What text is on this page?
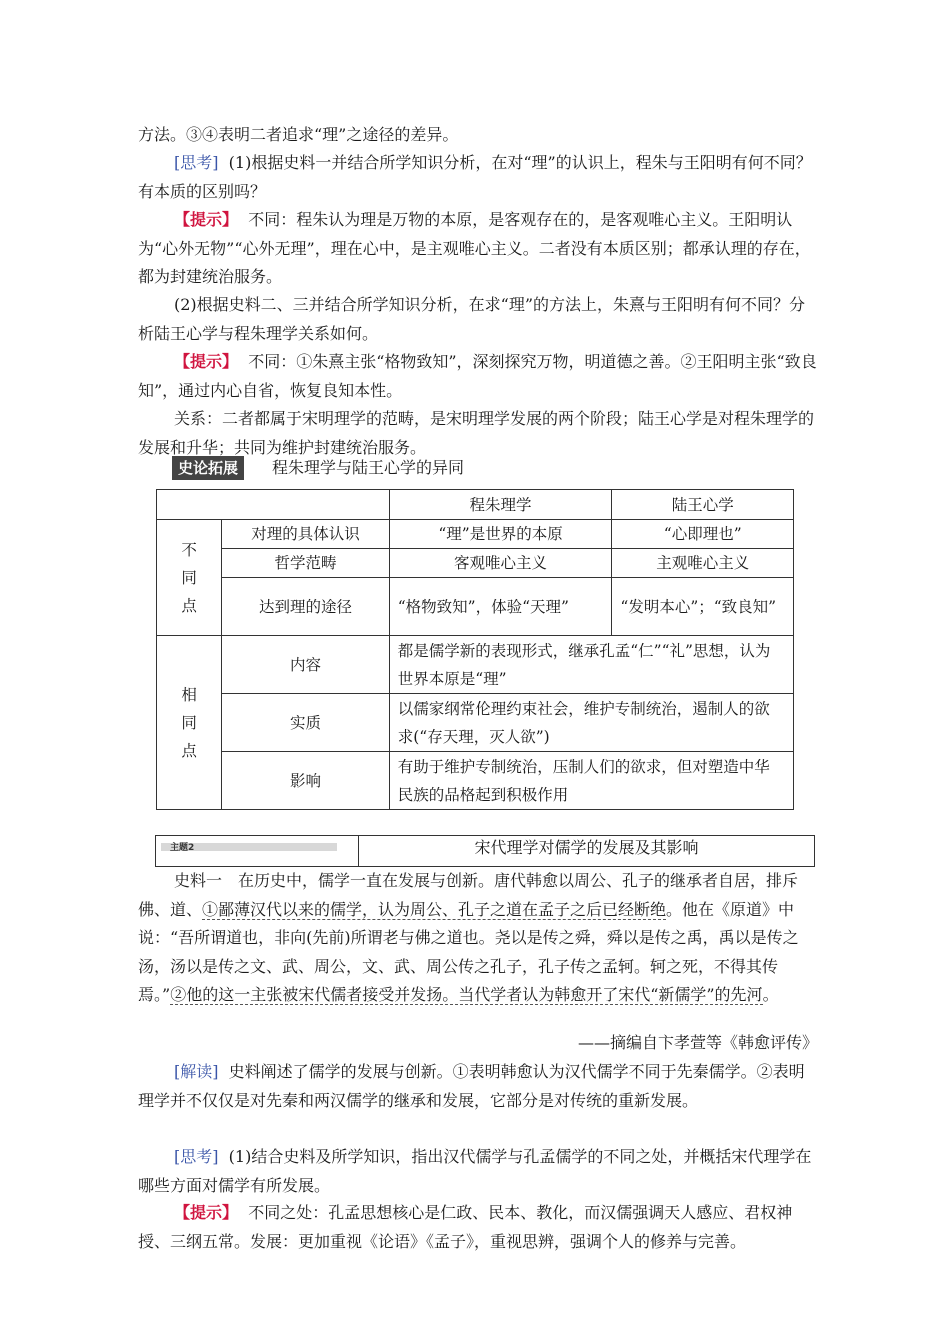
方法。③④表明二者追求“理”之途径的差异。
[思考] (1)根据史料一并结合所学知识分析，在对“理”的认识上，程朱与王阳明有何不同？有本质的区别吗？
【提示】 不同：程朱认为理是万物的本原，是客观存在的，是客观唯心主义。王阳明认为“心外无物”“心外无理”，理在心中，是主观唯心主义。二者没有本质区别；都承认理的存在，都为封建统治服务。
(2)根据史料二、三并结合所学知识分析，在求“理”的方法上，朱熹与王阳明有何不同？分析陆王心学与程朱理学关系如何。
【提示】 不同：①朱熹主张“格物致知”，深刻探究万物，明道德之善。②王阳明主张“致良知”，通过内心自省，恢复良知本性。
关系：二者都属于宋明理学的范畴，是宋明理学发展的两个阶段；陆王心学是对程朱理学的发展和升华；共同为维护封建统治服务。
史论拓展	程朱理学与陆王心学的异同
		程朱理学	陆王心学
不同点	对理的具体认识	“理”是世界的本原	“心即理也”
	哲学范畴	客观唯心主义	主观唯心主义
	达到理的途径	“格物致知”，体验“天理”	“发明本心”；“致良知”
相同点	内容	都是儒学新的表现形式，继承孔孟“仁”“礼”思想，认为世界本原是“理”	
	实质	以儒家纲常伦理约束社会，维护专制统治，遏制人的欲求(“存天理，灭人欲”)	
	影响	有助于维护专制统治，压制人们的欲求，但对塑造中华民族的品格起到积极作用	
主题2	宋代理学对儒学的发展及其影响
史料一　在历史中，儒学一直在发展与创新。唐代韩愈以周公、孔子的继承者自居，排斥佛、道、①鄙薄汉代以来的儒学，认为周公、孔子之道在孟子之后已经断绝。他在《原道》中说：“吾所谓道也，非向(先前)所谓老与佛之道也。尧以是传之舜，舜以是传之禹，禹以是传之汤，汤以是传之文、武、周公，文、武、周公传之孔子，孔子传之孟轲。轲之死，不得其传焉。”②他的这一主张被宋代儒者接受并发扬。当代学者认为韩愈开了宋代“新儒学”的先河。
——摘编自卞孝萱等《韩愈评传》
[解读] 史料阐述了儒学的发展与创新。①表明韩愈认为汉代儒学不同于先秦儒学。②表明理学并不仅仅是对先秦和两汉儒学的继承和发展，它部分是对传统的重新发展。
[思考] (1)结合史料及所学知识，指出汉代儒学与孔孟儒学的不同之处，并概括宋代理学在哪些方面对儒学有所发展。
【提示】 不同之处：孔孟思想核心是仁政、民本、教化，而汉儒强调天人感应、君权神授、三纲五常。发展：更加重视《论语》《孟子》，重视思辨，强调个人的修养与完善。
